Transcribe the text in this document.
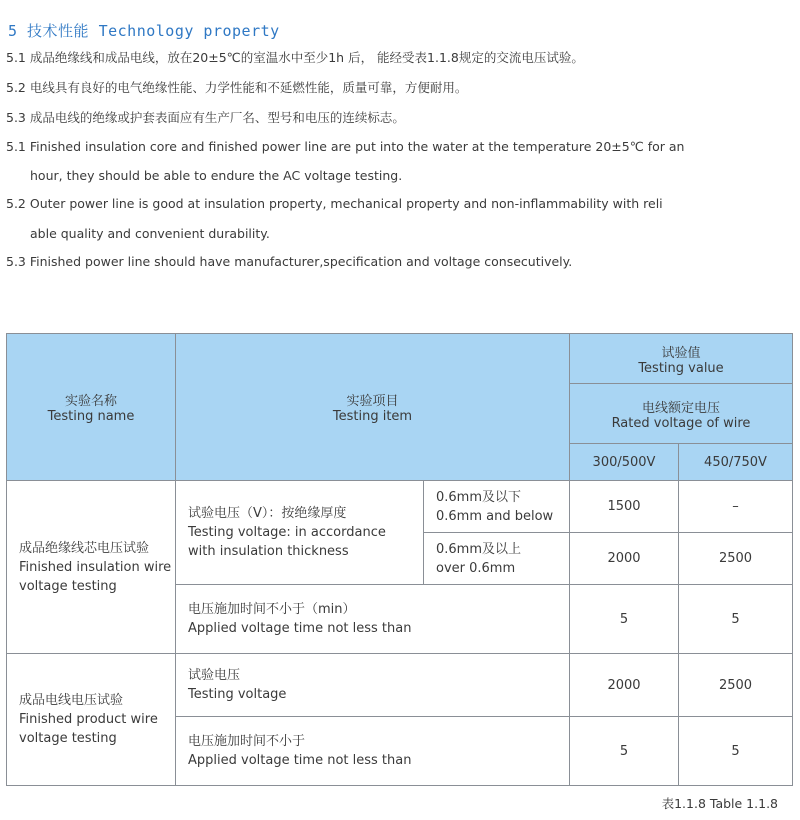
5 技术性能 Technology property
5.1 成品绝缘线和成品电线，放在20±5℃的室温水中至少1h 后， 能经受表1.1.8规定的交流电压试验。
5.2 电线具有良好的电气绝缘性能、力学性能和不延燃性能，质量可靠，方便耐用。
5.3 成品电线的绝缘或护套表面应有生产厂名、型号和电压的连续标志。
5.1 Finished insulation core and finished power line are put into the water at the temperature 20±5℃ for an
hour, they should be able to endure the AC voltage testing.
5.2 Outer power line is good at insulation property, mechanical property and non-inflammability with reli
able quality and convenient durability.
5.3 Finished power line should have manufacturer,specification and voltage consecutively.
实验名称
Testing name	实验项目
Testing item		试验值
Testing value	

			电线额定电压
Rated voltage of wire	

			300/500V	450/750V

成品绝缘线芯电压试验
Finished insulation wire
voltage testing	试验电压（V）：按绝缘厚度
Testing voltage: in accordance
with insulation thickness	0.6mm及以下
0.6mm and below	1500	–

		0.6mm及以上
over 0.6mm	2000	2500

	电压施加时间不小于（min）
Applied voltage time not less than		5	5

成品电线电压试验
Finished product wire
voltage testing	试验电压
Testing voltage		2000	2500

	电压施加时间不小于
Applied voltage time not less than		5	5
表1.1.8 Table 1.1.8
